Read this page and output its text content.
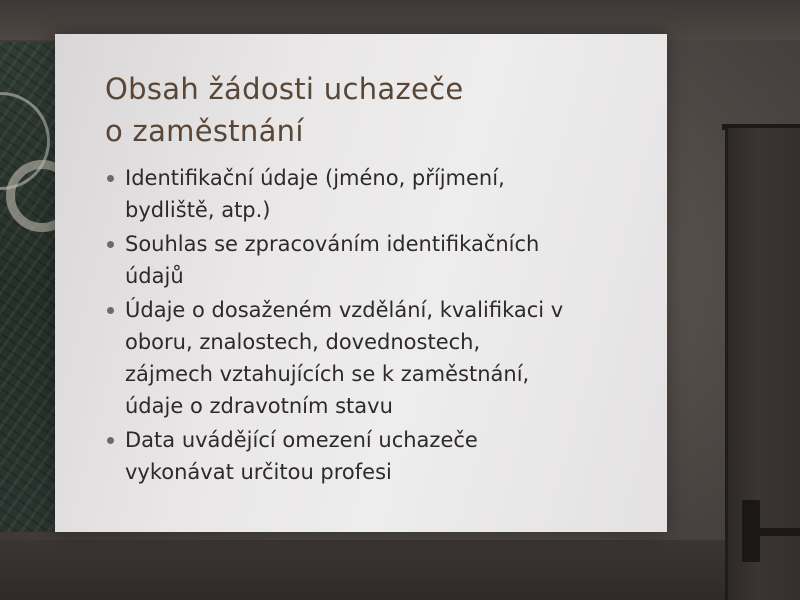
Obsah žádosti uchazeče
o zaměstnání
Identifikační údaje (jméno, příjmení,
bydliště, atp.)
Souhlas se zpracováním identifikačních
údajů
Údaje o dosaženém vzdělání, kvalifikaci v
oboru, znalostech, dovednostech,
zájmech vztahujících se k zaměstnání,
údaje o zdravotním stavu
Data uvádějící omezení uchazeče
vykonávat určitou profesi
